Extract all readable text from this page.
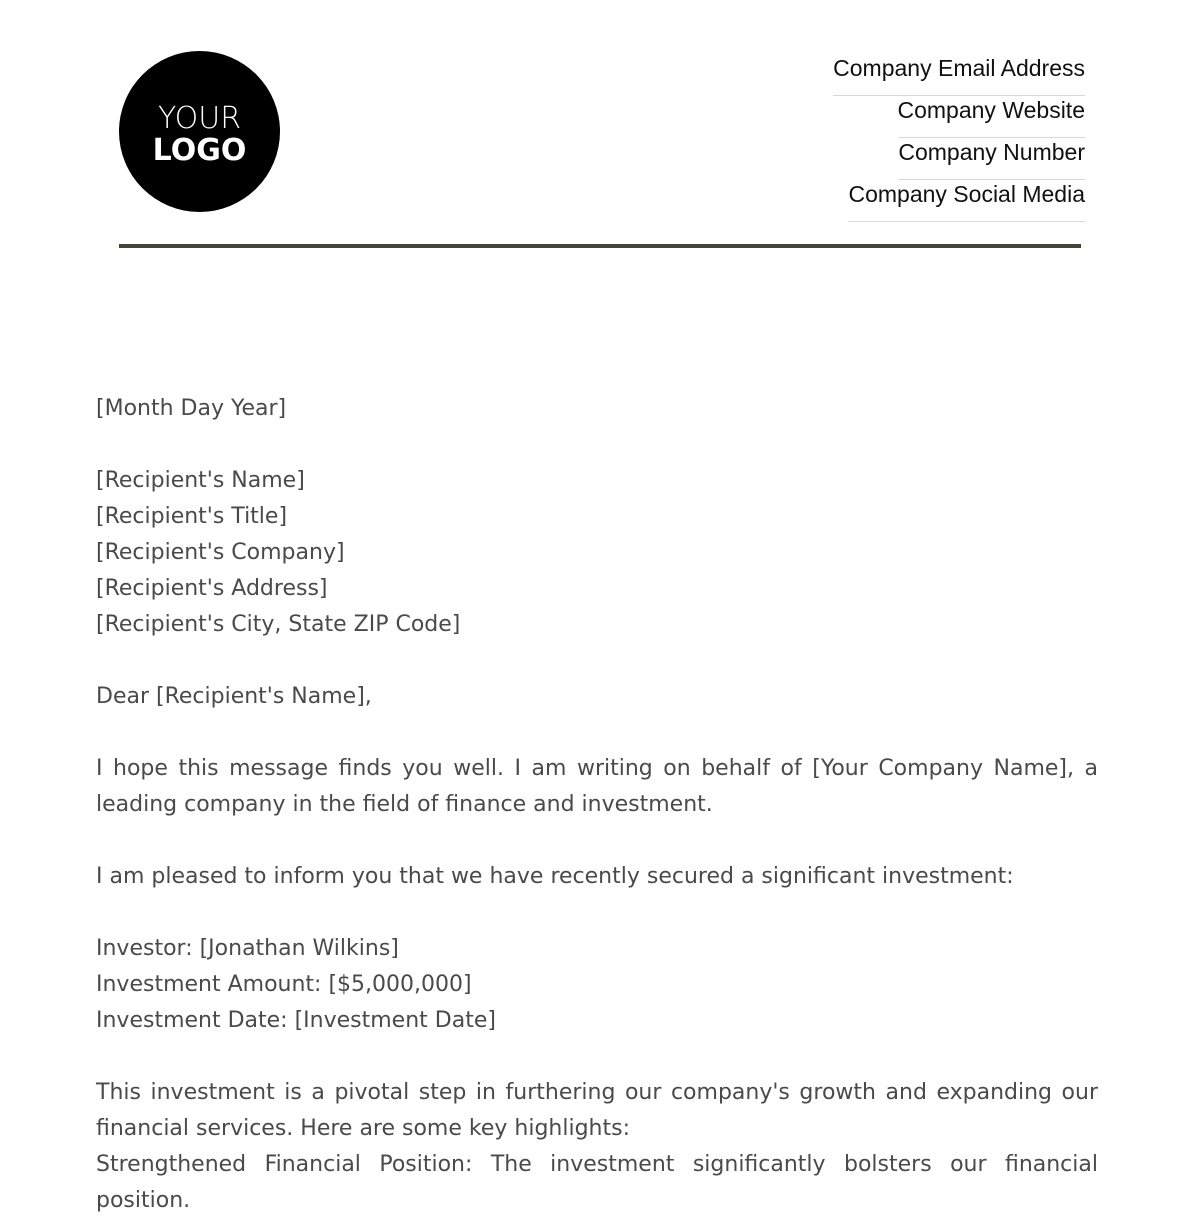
YOUR
LOGO
Company Email Address
Company Website
Company Number
Company Social Media

[Month Day Year]

[Recipient's Name]

[Recipient's Title]

[Recipient's Company]

[Recipient's Address]

[Recipient's City, State ZIP Code]

Dear [Recipient's Name],

I hope this message finds you well. I am writing on behalf of [Your Company Name], a leading company in the field of finance and investment.

I am pleased to inform you that we have recently secured a significant investment:

Investor: [Jonathan Wilkins]

Investment Amount: [$5,000,000]

Investment Date: [Investment Date]

This investment is a pivotal step in furthering our company's growth and expanding our financial services. Here are some key highlights:

Strengthened Financial Position: The investment significantly bolsters our financial position.
